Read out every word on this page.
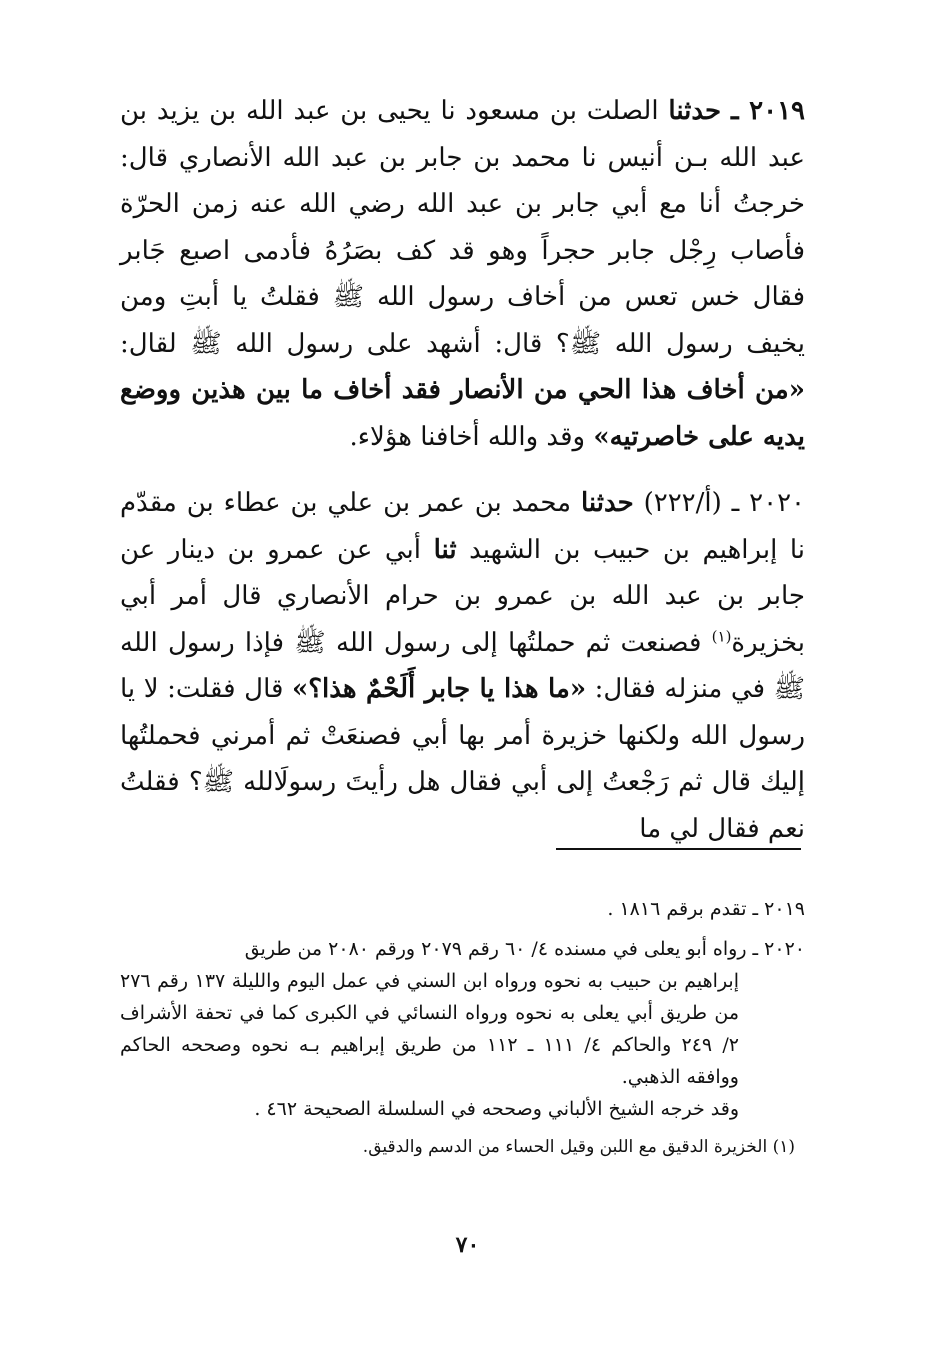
٢٠١٩ ـ حدثنا الصلت بن مسعود نا يحيى بن عبد الله بن يزيد بن عبد الله بـن أنيس نا محمد بن جابر بن عبد الله الأنصاري قال: خرجتُ أنا مع أبي جابر بن عبد الله رضي الله عنه زمن الحرّة فأصاب رِجْل جابر حجراً وهو قد كف بصَرُهُ فأدمى اصبع جَابر فقال خس تعس من أخاف رسول الله ﷺ فقلتُ يا أبتِ ومن يخيف رسول الله ﷺ؟ قال: أشهد على رسول الله ﷺ لقال: «من أخاف هذا الحي من الأنصار فقد أخاف ما بين هذين ووضع يديه على خاصرتيه» وقد والله أخافنا هؤلاء.

٢٠٢٠ ـ (أ/٢٢٢) حدثنا محمد بن عمر بن علي بن عطاء بن مقدّم نا إبراهيم بن حبيب بن الشهيد ثنا أبي عن عمرو بن دينار عن جابر بن عبد الله بن عمرو بن حرام الأنصاري قال أمر أبي بخزيرة$^{(١)}$ فصنعت ثم حملتُها إلى رسول الله ﷺ فإذا رسول الله ﷺ في منزله فقال: «ما هذا يا جابر أَلَحْمٌ هذا؟» قال فقلت: لا يا رسول الله ولكنها خزيرة أمر بها أبي فصنعَتْ ثم أمرني فحملتُها إليك قال ثم رَجْعتُ إلى أبي فقال هل رأيتَ رسولَالله ﷺ؟ فقلتُ نعم فقال لي ما

٢٠١٩ ـ تقدم برقم ١٨١٦ .

٢٠٢٠ ـ رواه أبو يعلى في مسنده ٤/ ٦٠ رقم ٢٠٧٩ ورقم ٢٠٨٠ من طريق

إبراهيم بن حبيب به نحوه ورواه ابن السني في عمل اليوم والليلة ١٣٧ رقم ٢٧٦ من طريق أبي يعلى به نحوه ورواه النسائي في الكبرى كما في تحفة الأشراف ٢/ ٢٤٩ والحاكم ٤/ ١١١ ـ ١١٢ من طريق إبراهيم بـه نحوه وصححه الحاكم ووافقه الذهبي.
وقد خرجه الشيخ الألباني وصححه في السلسلة الصحيحة ٤٦٢ .
(١) الخزيرة الدقيق مع اللبن وقيل الحساء من الدسم والدقيق.
٧٠
